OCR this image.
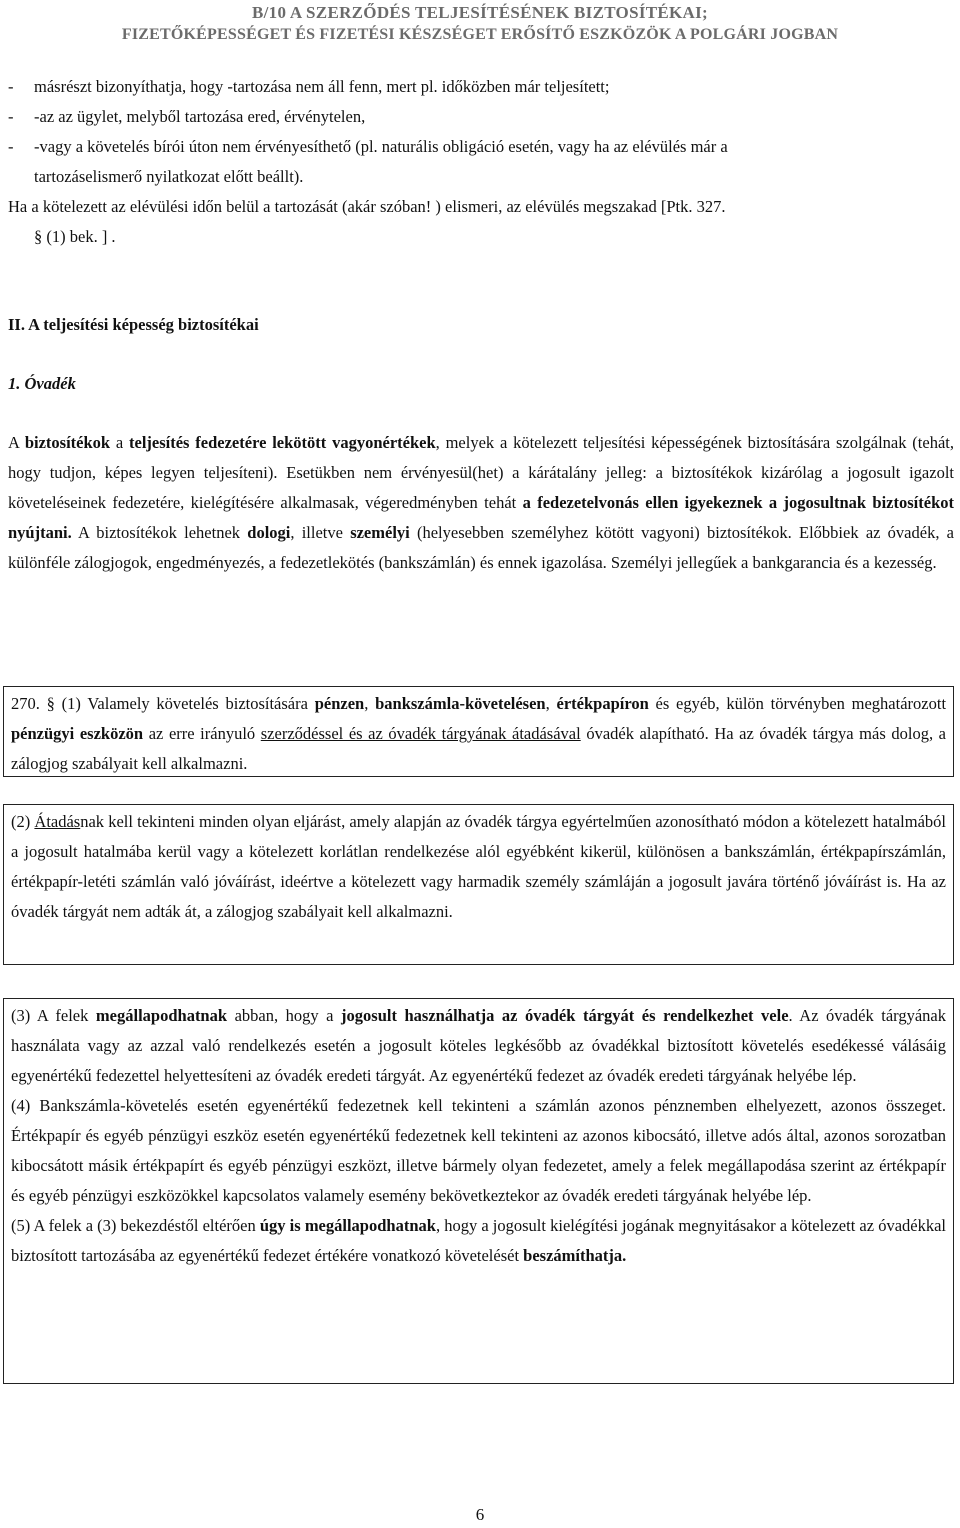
B/10 A SZERZŐDÉS TELJESÍTÉSÉNEK BIZTOSÍTÉKAI;
FIZETŐKÉPESSÉGET ÉS FIZETÉSI KÉSZSÉGET ERŐSÍTŐ ESZKÖZÖK A POLGÁRI JOGBAN
-	másrészt bizonyíthatja, hogy -tartozása nem áll fenn, mert pl. időközben már teljesített;
-	-az az ügylet, melyből tartozása ered, érvénytelen,
-	-vagy a követelés bírói úton nem érvényesíthető (pl. naturális obligáció esetén, vagy ha az elévülés már a
tartozáselismerő nyilatkozat előtt beállt).
Ha a kötelezett az elévülési időn belül a tartozását (akár szóban! ) elismeri, az elévülés megszakad [Ptk. 327.
§ (1) bek. ] .
II. A teljesítési képesség biztosítékai
1. Óvadék

A biztosítékok a teljesítés fedezetére lekötött vagyonértékek, melyek a kötelezett teljesítési képességének biztosítására szolgálnak (tehát, hogy tudjon, képes legyen teljesíteni). Esetükben nem érvényesül(het) a kárátalány jelleg: a biztosítékok kizárólag a jogosult igazolt követeléseinek fedezetére, kielégítésére alkalmasak, végeredményben tehát a fedezetelvonás ellen igyekeznek a jogosultnak biztosítékot nyújtani. A biztosítékok lehetnek dologi, illetve személyi (helyesebben személyhez kötött vagyoni) biztosítékok. Előbbiek az óvadék, a különféle zálogjogok, engedményezés, a fedezetlekötés (bankszámlán) és ennek igazolása. Személyi jellegűek a bankgarancia és a kezesség.

270. § (1) Valamely követelés biztosítására pénzen, bankszámla-követelésen, értékpapíron és egyéb, külön törvényben meghatározott pénzügyi eszközön az erre irányuló szerződéssel és az óvadék tárgyának átadásával óvadék alapítható. Ha az óvadék tárgya más dolog, a zálogjog szabályait kell alkalmazni.

(2) Átadásnak kell tekinteni minden olyan eljárást, amely alapján az óvadék tárgya egyértelműen azonosítható módon a kötelezett hatalmából a jogosult hatalmába kerül vagy a kötelezett korlátlan rendelkezése alól egyébként kikerül, különösen a bankszámlán, értékpapírszámlán, értékpapír-letéti számlán való jóváírást, ideértve a kötelezett vagy harmadik személy számláján a jogosult javára történő jóváírást is. Ha az óvadék tárgyát nem adták át, a zálogjog szabályait kell alkalmazni.

(3) A felek megállapodhatnak abban, hogy a jogosult használhatja az óvadék tárgyát és rendelkezhet vele. Az óvadék tárgyának használata vagy az azzal való rendelkezés esetén a jogosult köteles legkésőbb az óvadékkal biztosított követelés esedékessé válásáig egyenértékű fedezettel helyettesíteni az óvadék eredeti tárgyát. Az egyenértékű fedezet az óvadék eredeti tárgyának helyébe lép.

(4) Bankszámla-követelés esetén egyenértékű fedezetnek kell tekinteni a számlán azonos pénznemben elhelyezett, azonos összeget. Értékpapír és egyéb pénzügyi eszköz esetén egyenértékű fedezetnek kell tekinteni az azonos kibocsátó, illetve adós által, azonos sorozatban kibocsátott másik értékpapírt és egyéb pénzügyi eszközt, illetve bármely olyan fedezetet, amely a felek megállapodása szerint az értékpapír és egyéb pénzügyi eszközökkel kapcsolatos valamely esemény bekövetkeztekor az óvadék eredeti tárgyának helyébe lép.

(5) A felek a (3) bekezdéstől eltérően úgy is megállapodhatnak, hogy a jogosult kielégítési jogának megnyitásakor a kötelezett az óvadékkal biztosított tartozásába az egyenértékű fedezet értékére vonatkozó követelését beszámíthatja.

6
